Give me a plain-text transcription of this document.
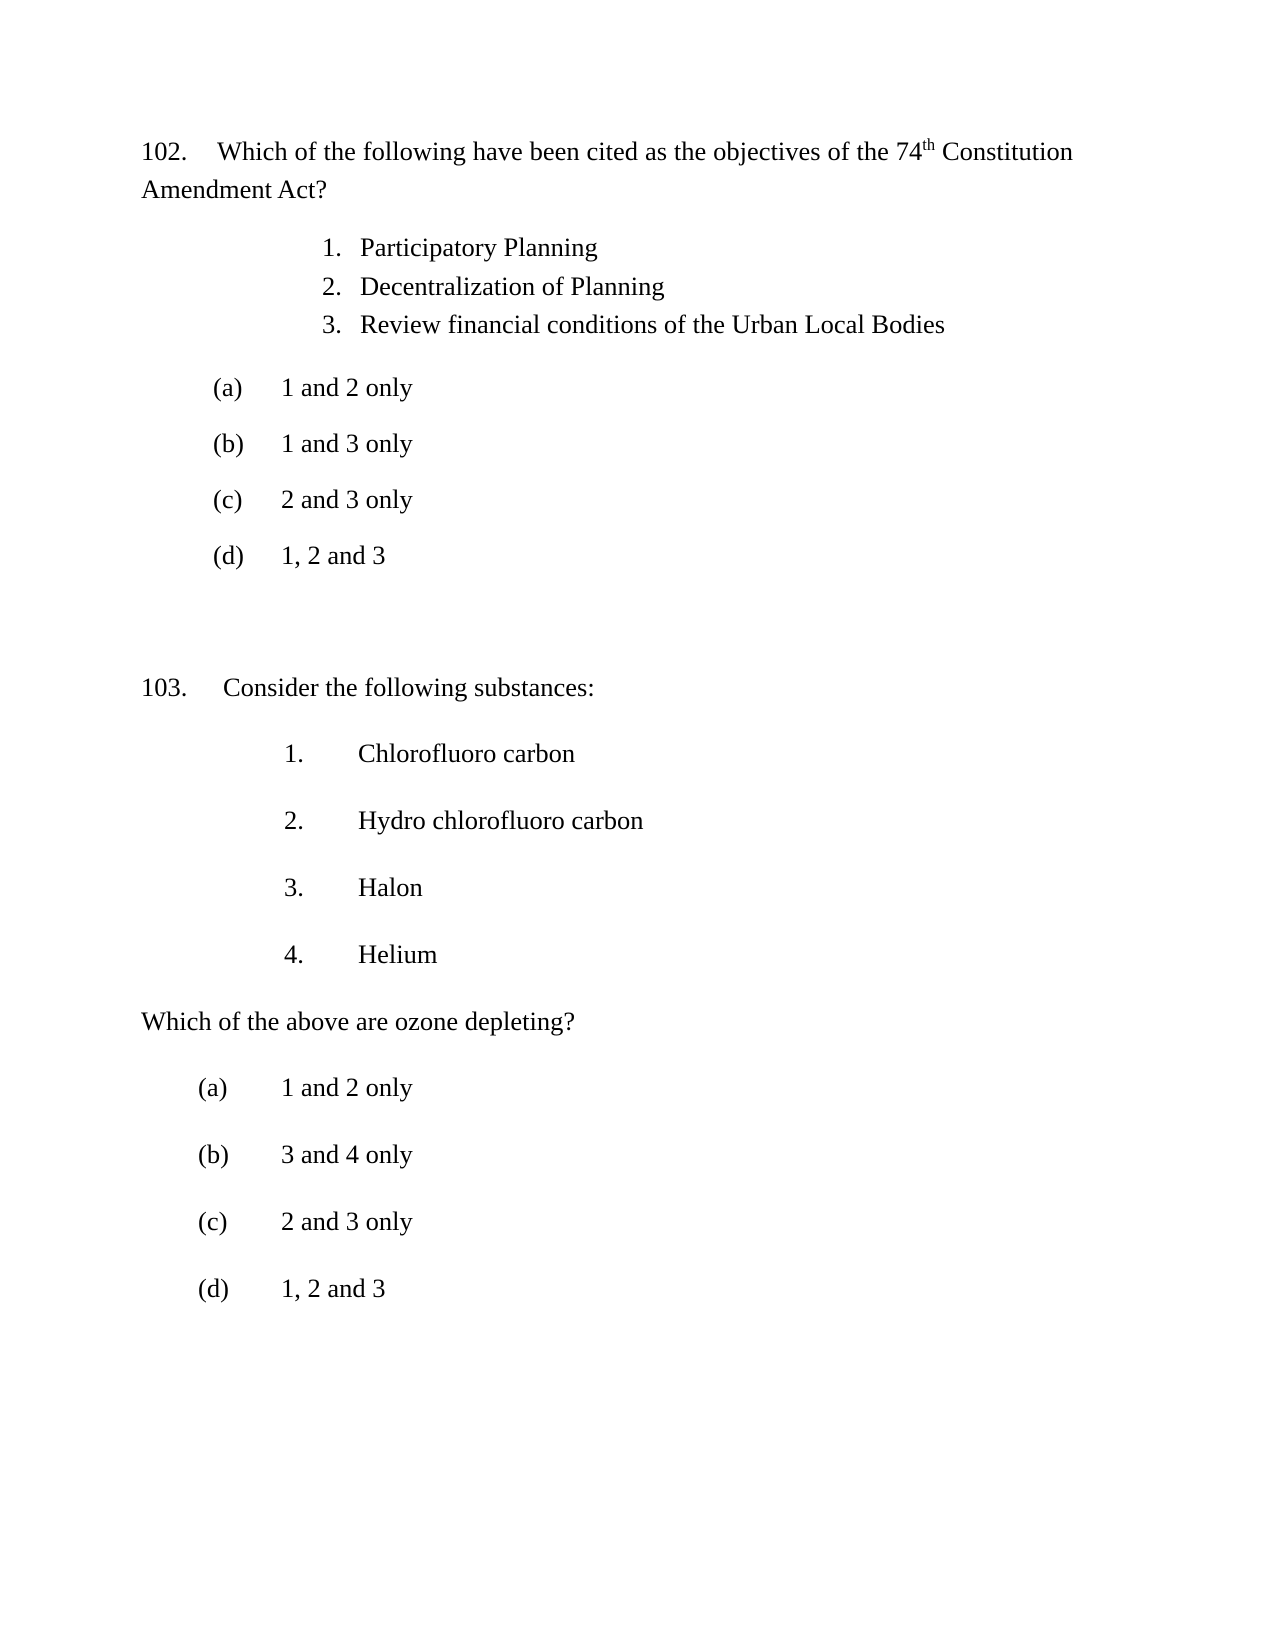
102. Which of the following have been cited as the objectives of the 74th Constitution Amendment Act?

1. Participatory Planning
2. Decentralization of Planning
3. Review financial conditions of the Urban Local Bodies
(a)	1 and 2 only
(b)	1 and 3 only
(c)	2 and 3 only
(d)	1, 2 and 3

103. Consider the following substances:

1. Chlorofluoro carbon
2. Hydro chlorofluoro carbon
3. Halon
4. Helium

Which of the above are ozone depleting?

(a)	1 and 2 only
(b)	3 and 4 only
(c)	2 and 3 only
(d)	1, 2 and 3
